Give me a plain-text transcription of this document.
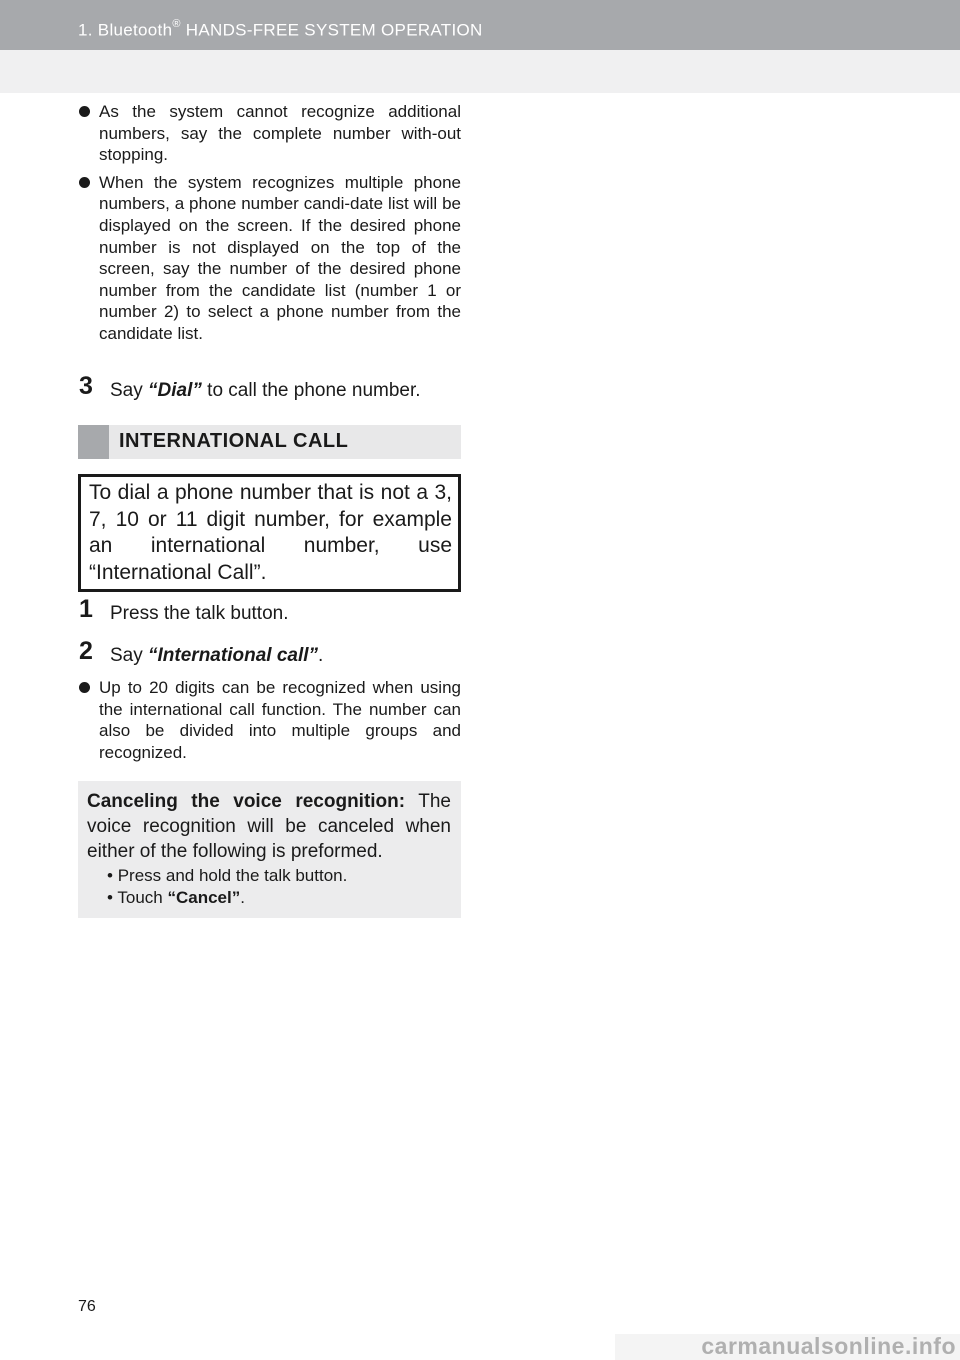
1. Bluetooth® HANDS-FREE SYSTEM OPERATION
As the system cannot recognize additional numbers, say the complete number with-out stopping.
When the system recognizes multiple phone numbers, a phone number candi-date list will be displayed on the screen. If the desired phone number is not displayed on the top of the screen, say the number of the desired phone number from the candidate list (number 1 or number 2) to select a phone number from the candidate list.
3 Say “Dial” to call the phone number.
INTERNATIONAL CALL

To dial a phone number that is not a 3, 7, 10 or 11 digit number, for example an international number, use “International Call”.

1 Press the talk button.
2 Say “International call”.
Up to 20 digits can be recognized when using the international call function. The number can also be divided into multiple groups and recognized.

Canceling the voice recognition: The voice recognition will be canceled when either of the following is preformed.

• Press and hold the talk button.
• Touch “Cancel”.
76
carmanualsonline.info
